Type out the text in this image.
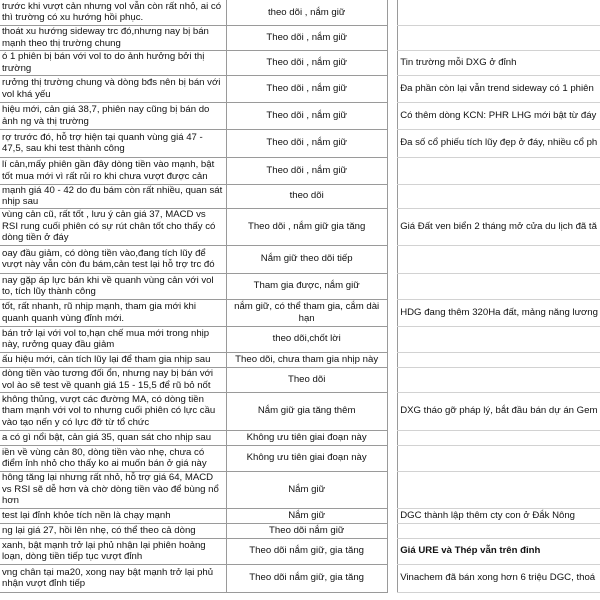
trước khi vượt cản nhưng vol vẫn còn rất nhỏ, ai có thì trường có xu hướng hồi phục.	theo dõi , nắm giữ		
thoát xu hướng sideway trc đó,nhưng nay bị bán mạnh theo thị trường chung	Theo dõi , nắm giữ		
ó 1 phiên bị bán với vol to do ảnh hưởng bởi thị trường	Theo dõi , nắm giữ		Tin trường mỗi DXG ở đỉnh
rưởng thị trường chung và dòng bđs nên bị bán với vol khá yếu	Theo dõi , nắm giữ		Đa phần còn lại vẫn trend sideway có 1 phiên
hiệu mới, cản giá 38,7, phiên nay cũng bị bán do ảnh ng và thị trường	Theo dõi , nắm giữ		Có thêm dòng KCN: PHR LHG mới bật từ đáy
rợ trước đó, hỗ trợ hiện tại quanh vùng giá 47 - 47,5, sau khi test thành công	Theo dõi , nắm giữ		Đa số cổ phiếu tích lũy đẹp ở đáy, nhiều cổ ph
lí cản,mấy phiên gần đây dòng tiền vào mạnh, bật tốt mua mới vì rất rủi ro khi chưa vượt được cản	Theo dõi , nắm giữ		
mạnh giá 40 - 42 do đu bám còn rất nhiều, quan sát nhịp sau	theo dõi		
vùng cản cũ, rất tốt , lưu ý cản giá 37, MACD vs RSI rung cuối phiên có sự rút chân tốt cho thấy có dòng tiền ở đáy	Theo dõi , nắm giữ gia tăng		Giá Đất ven biển 2 tháng mở cửa du lịch đã tă
oay đầu giảm, có dòng tiền vào,đang tích lũy để vượt này vẫn còn đu bám,cản test lại hỗ trợ trc đó	Nắm giữ theo dõi tiếp		
nay gặp áp lực bán khi về quanh vùng cản với vol to, tích lũy thành công	Tham gia được, nắm giữ		
tốt, rất nhanh, rũ nhịp mạnh, tham gia mới khi quanh quanh vùng đỉnh mới.	nắm giữ, có thể tham gia, cắm dài hạn		HDG đang thêm 320Ha đất, mảng năng lương
bán trở lại với vol to,hạn chế mua mới trong nhịp này, rưởng quay đầu giảm	theo dõi,chốt lời		
ấu hiệu mới, cản tích lũy lại để tham gia nhịp sau	Theo dõi, chưa tham gia nhịp này		
dòng tiền vào tương đối ổn, nhưng nay bị bán với vol ào sẽ test về quanh giá 15 - 15,5 để rũ bỏ nốt	Theo dõi		
không thủng, vượt các đường MA, có dòng tiền tham mạnh với vol to nhưng cuối phiên có lực cầu vào tạo nến y có lực đỡ từ tổ chức	Nắm giữ gia tăng thêm		DXG tháo gỡ pháp lý, bắt đầu bán dự án Gem
a có gì nổi bật, cản giá 35, quan sát cho nhịp sau	Không ưu tiên giai đoạn này		
iền về vùng cản 80, dòng tiền vào nhẹ, chưa có điểm ỉnh nhỏ cho thấy ko ai muốn bán ở giá này	Không ưu tiên giai đoạn này		
hông tăng lại nhưng rất nhỏ, hỗ trợ giá 64, MACD vs RSI sẽ dễ hơn và chờ dòng tiền vào để bùng nổ hơn	Nắm giữ		
test lại đỉnh khỏe tích nền là chạy mạnh	Nắm giữ		DGC thành lập thêm cty con ở Đắk Nông
ng lại giá 27, hồi lên nhẹ, có thể theo cả dòng	Theo dõi nắm giữ		
xanh, bật mạnh trở lại phủ nhận lại phiên hoảng loạn, dòng tiền tiếp tục vượt đỉnh	Theo dõi nắm giữ, gia tăng		Giá URE và Thép vẫn trên đỉnh
vng chân tại ma20, xong nay bật mạnh trở lại phủ nhận vượt đỉnh tiếp	Theo dõi nắm giữ, gia tăng		Vinachem đã bán xong hơn 6 triệu DGC, thoá
